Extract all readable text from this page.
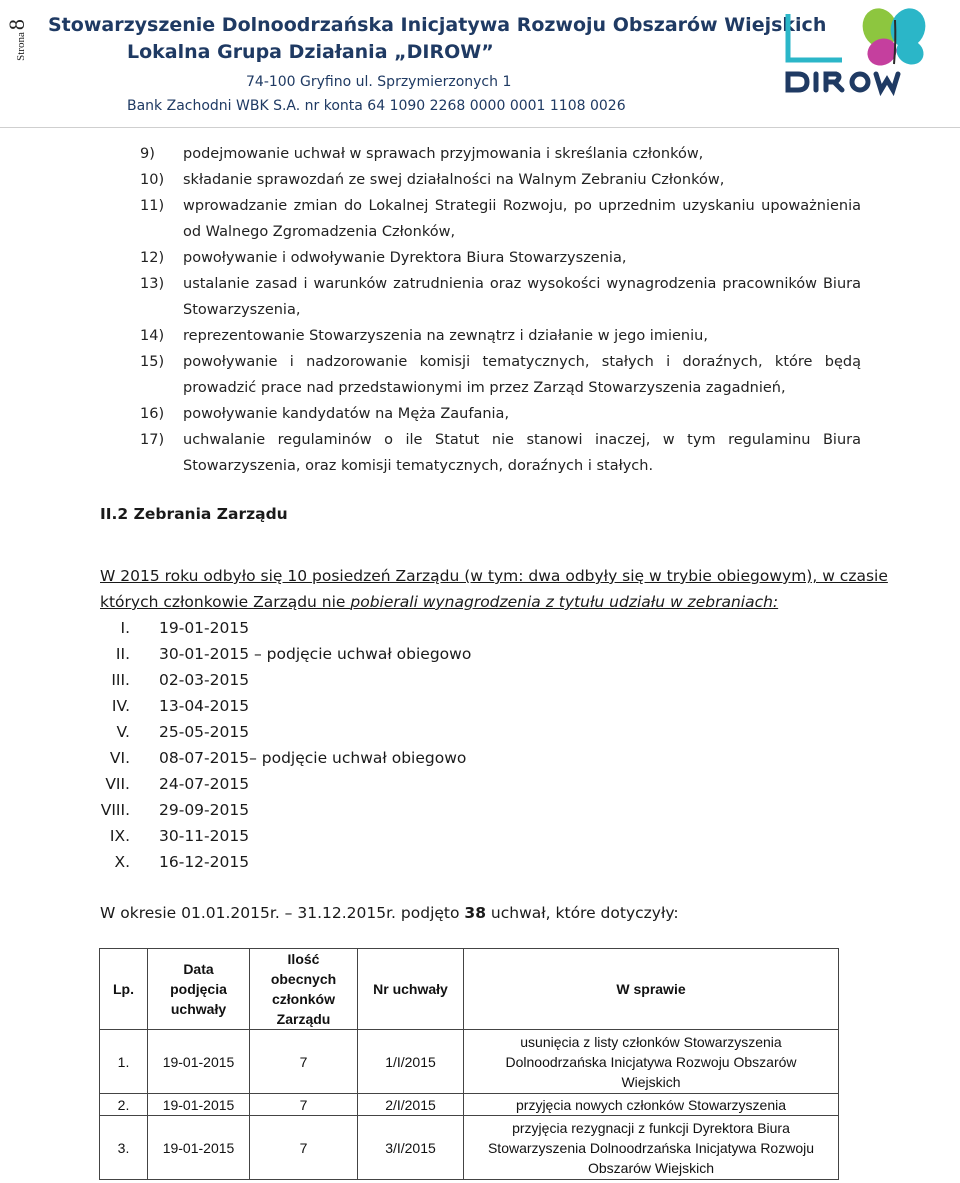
Strona8 Stowarzyszenie Dolnoodrzańska Inicjatywa Rozwoju Obszarów Wiejskich
Lokalna Grupa Działania „DIROW”
74-100 Gryfino ul. Sprzymierzonych 1
Bank Zachodni WBK S.A. nr konta 64 1090 2268 0000 0001 1108 0026
9)	podejmowanie uchwał w sprawach przyjmowania i skreślania członków,
10)	składanie sprawozdań ze swej działalności na Walnym Zebraniu Członków,
11)	wprowadzanie zmian do Lokalnej Strategii Rozwoju, po uprzednim uzyskaniu upoważnienia od Walnego Zgromadzenia Członków,
12)	powoływanie i odwoływanie Dyrektora Biura Stowarzyszenia,
13)	ustalanie zasad i warunków zatrudnienia oraz wysokości wynagrodzenia pracowników Biura Stowarzyszenia,
14)	reprezentowanie Stowarzyszenia na zewnątrz i działanie w jego imieniu,
15)	powoływanie i nadzorowanie komisji tematycznych, stałych i doraźnych, które będą prowadzić prace nad przedstawionymi im przez Zarząd Stowarzyszenia zagadnień,
16)	powoływanie kandydatów na Męża Zaufania,
17)	uchwalanie regulaminów o ile Statut nie stanowi inaczej, w tym regulaminu Biura Stowarzyszenia, oraz komisji tematycznych, doraźnych i stałych.
II.2 Zebrania Zarządu
W 2015 roku odbyło się 10 posiedzeń Zarządu (w tym: dwa odbyły się w trybie obiegowym), w czasie
których członkowie Zarządu nie pobierali wynagrodzenia z tytułu udziału w zebraniach:
I.	19-01-2015
II.	30-01-2015 – podjęcie uchwał obiegowo
III.	02-03-2015
IV.	13-04-2015
V.	25-05-2015
VI.	08-07-2015– podjęcie uchwał obiegowo
VII.	24-07-2015
VIII.	29-09-2015
IX.	30-11-2015
X.	16-12-2015
W okresie 01.01.2015r. – 31.12.2015r. podjęto 38 uchwał, które dotyczyły:
Lp.	Data
podjęcia
uchwały	Ilość obecnych
członków
Zarządu	Nr uchwały	W sprawie
1.	19-01-2015	7	1/I/2015	usunięcia z listy członków Stowarzyszenia
Dolnoodrzańska Inicjatywa Rozwoju Obszarów
Wiejskich
2.	19-01-2015	7	2/I/2015	przyjęcia nowych członków Stowarzyszenia
3.	19-01-2015	7	3/I/2015	przyjęcia rezygnacji z funkcji Dyrektora Biura
Stowarzyszenia Dolnoodrzańska Inicjatywa Rozwoju
Obszarów Wiejskich
